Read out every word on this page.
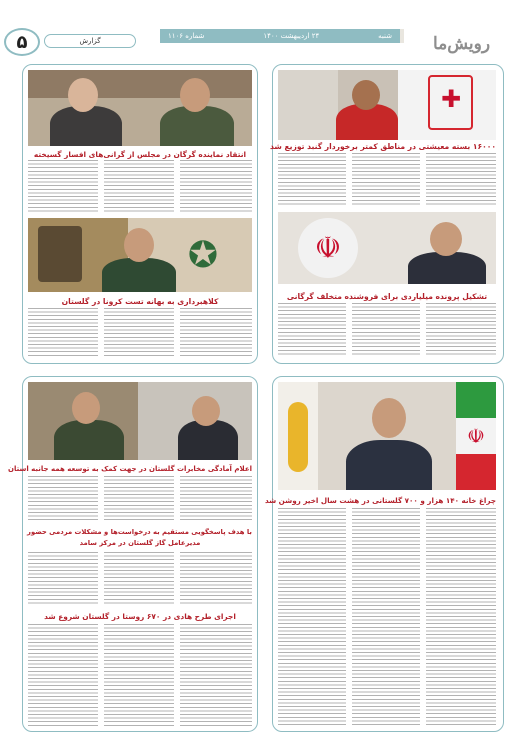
رویش‌ما
شنبه
۲۴ اردیبهشت ۱۴۰۰
شماره ۱۱۰۶
گزارش
۵
✚
۱۶۰۰۰ بسته معیشتی در مناطق کمتر برخوردار گنبد توزیع شد
☫
تشکیل پرونده میلیاردی برای فروشنده متخلف گرگانی
انتقاد نماینده گرگان در مجلس از گرانی‌های افسار گسیخته
✪
کلاهبرداری به بهانه تست کرونا در گلستان
اعلام آمادگی مخابرات گلستان در جهت کمک به توسعه همه جانبه استان
با هدف پاسخگویی مستقیم به درخواست‌ها و مشکلات مردمی حضور
مدیرعامل گاز گلستان در مرکز سامد
اجرای طرح هادی در ۶۷۰ روستا در گلستان شروع شد
☫
چراغ خانه ۱۴۰ هزار و ۷۰۰ گلستانی در هشت سال اخیر روشن شد
